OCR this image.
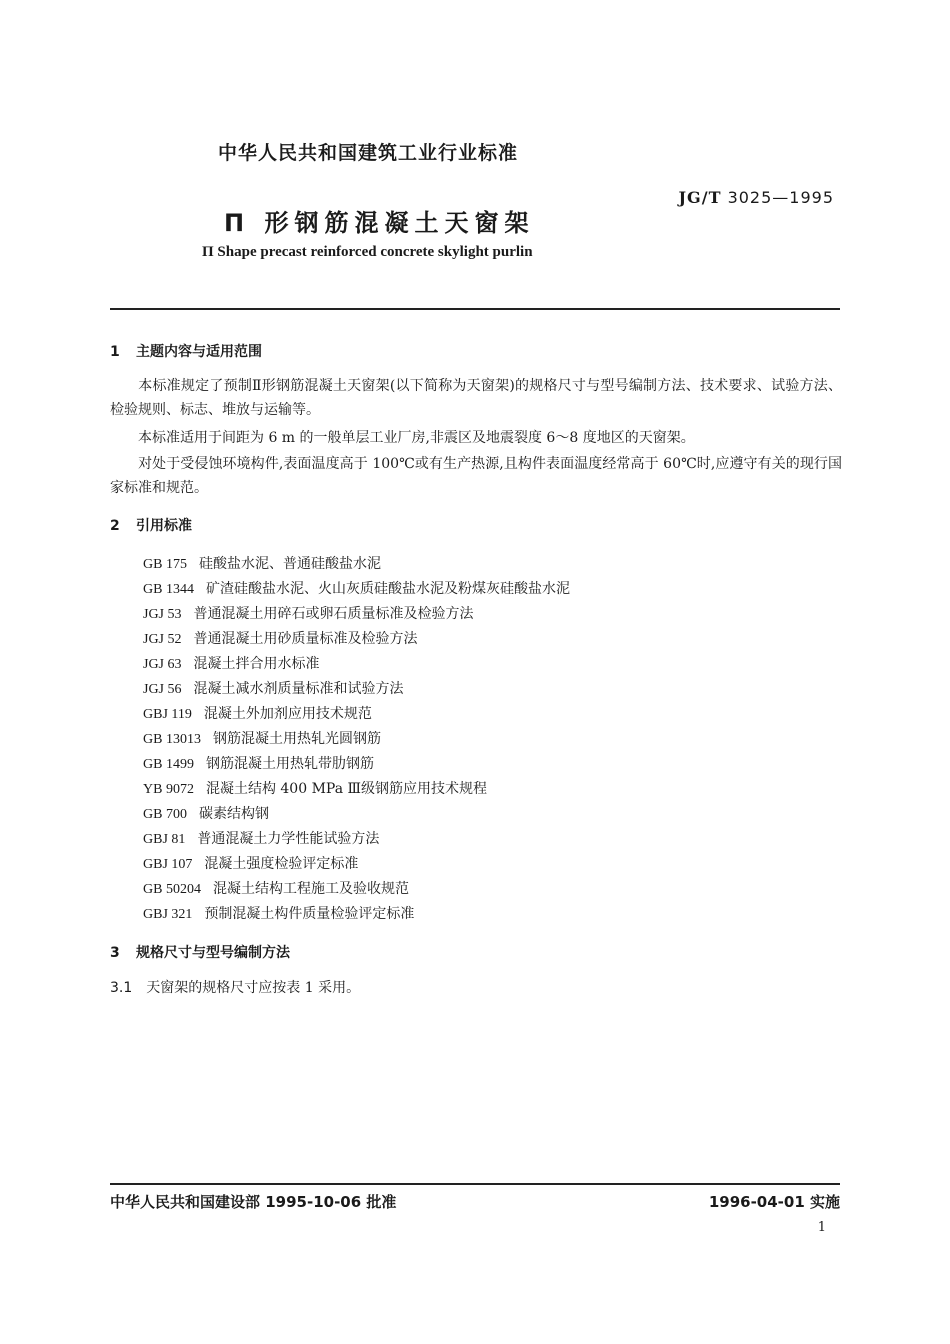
中华人民共和国建筑工业行业标准
JG/T 3025—1995
Π 形钢筋混凝土天窗架
Π Shape precast reinforced concrete skylight purlin
1 主题内容与适用范围
本标准规定了预制Ⅱ形钢筋混凝土天窗架(以下简称为天窗架)的规格尺寸与型号编制方法、技术要求、试验方法、检验规则、标志、堆放与运输等。
本标准适用于间距为 6 m 的一般单层工业厂房,非震区及地震裂度 6～8 度地区的天窗架。
对处于受侵蚀环境构件,表面温度高于 100℃或有生产热源,且构件表面温度经常高于 60℃时,应遵守有关的现行国家标准和规范。
2 引用标准
GB 175 硅酸盐水泥、普通硅酸盐水泥
GB 1344 矿渣硅酸盐水泥、火山灰质硅酸盐水泥及粉煤灰硅酸盐水泥
JGJ 53 普通混凝土用碎石或卵石质量标准及检验方法
JGJ 52 普通混凝土用砂质量标准及检验方法
JGJ 63 混凝土拌合用水标准
JGJ 56 混凝土减水剂质量标准和试验方法
GBJ 119 混凝土外加剂应用技术规范
GB 13013 钢筋混凝土用热轧光圆钢筋
GB 1499 钢筋混凝土用热轧带肋钢筋
YB 9072 混凝土结构 400 MPa Ⅲ级钢筋应用技术规程
GB 700 碳素结构钢
GBJ 81 普通混凝土力学性能试验方法
GBJ 107 混凝土强度检验评定标准
GB 50204 混凝土结构工程施工及验收规范
GBJ 321 预制混凝土构件质量检验评定标准
3 规格尺寸与型号编制方法
3.1 天窗架的规格尺寸应按表 1 采用。
中华人民共和国建设部 1995-10-06 批准	1996-04-01 实施
1
